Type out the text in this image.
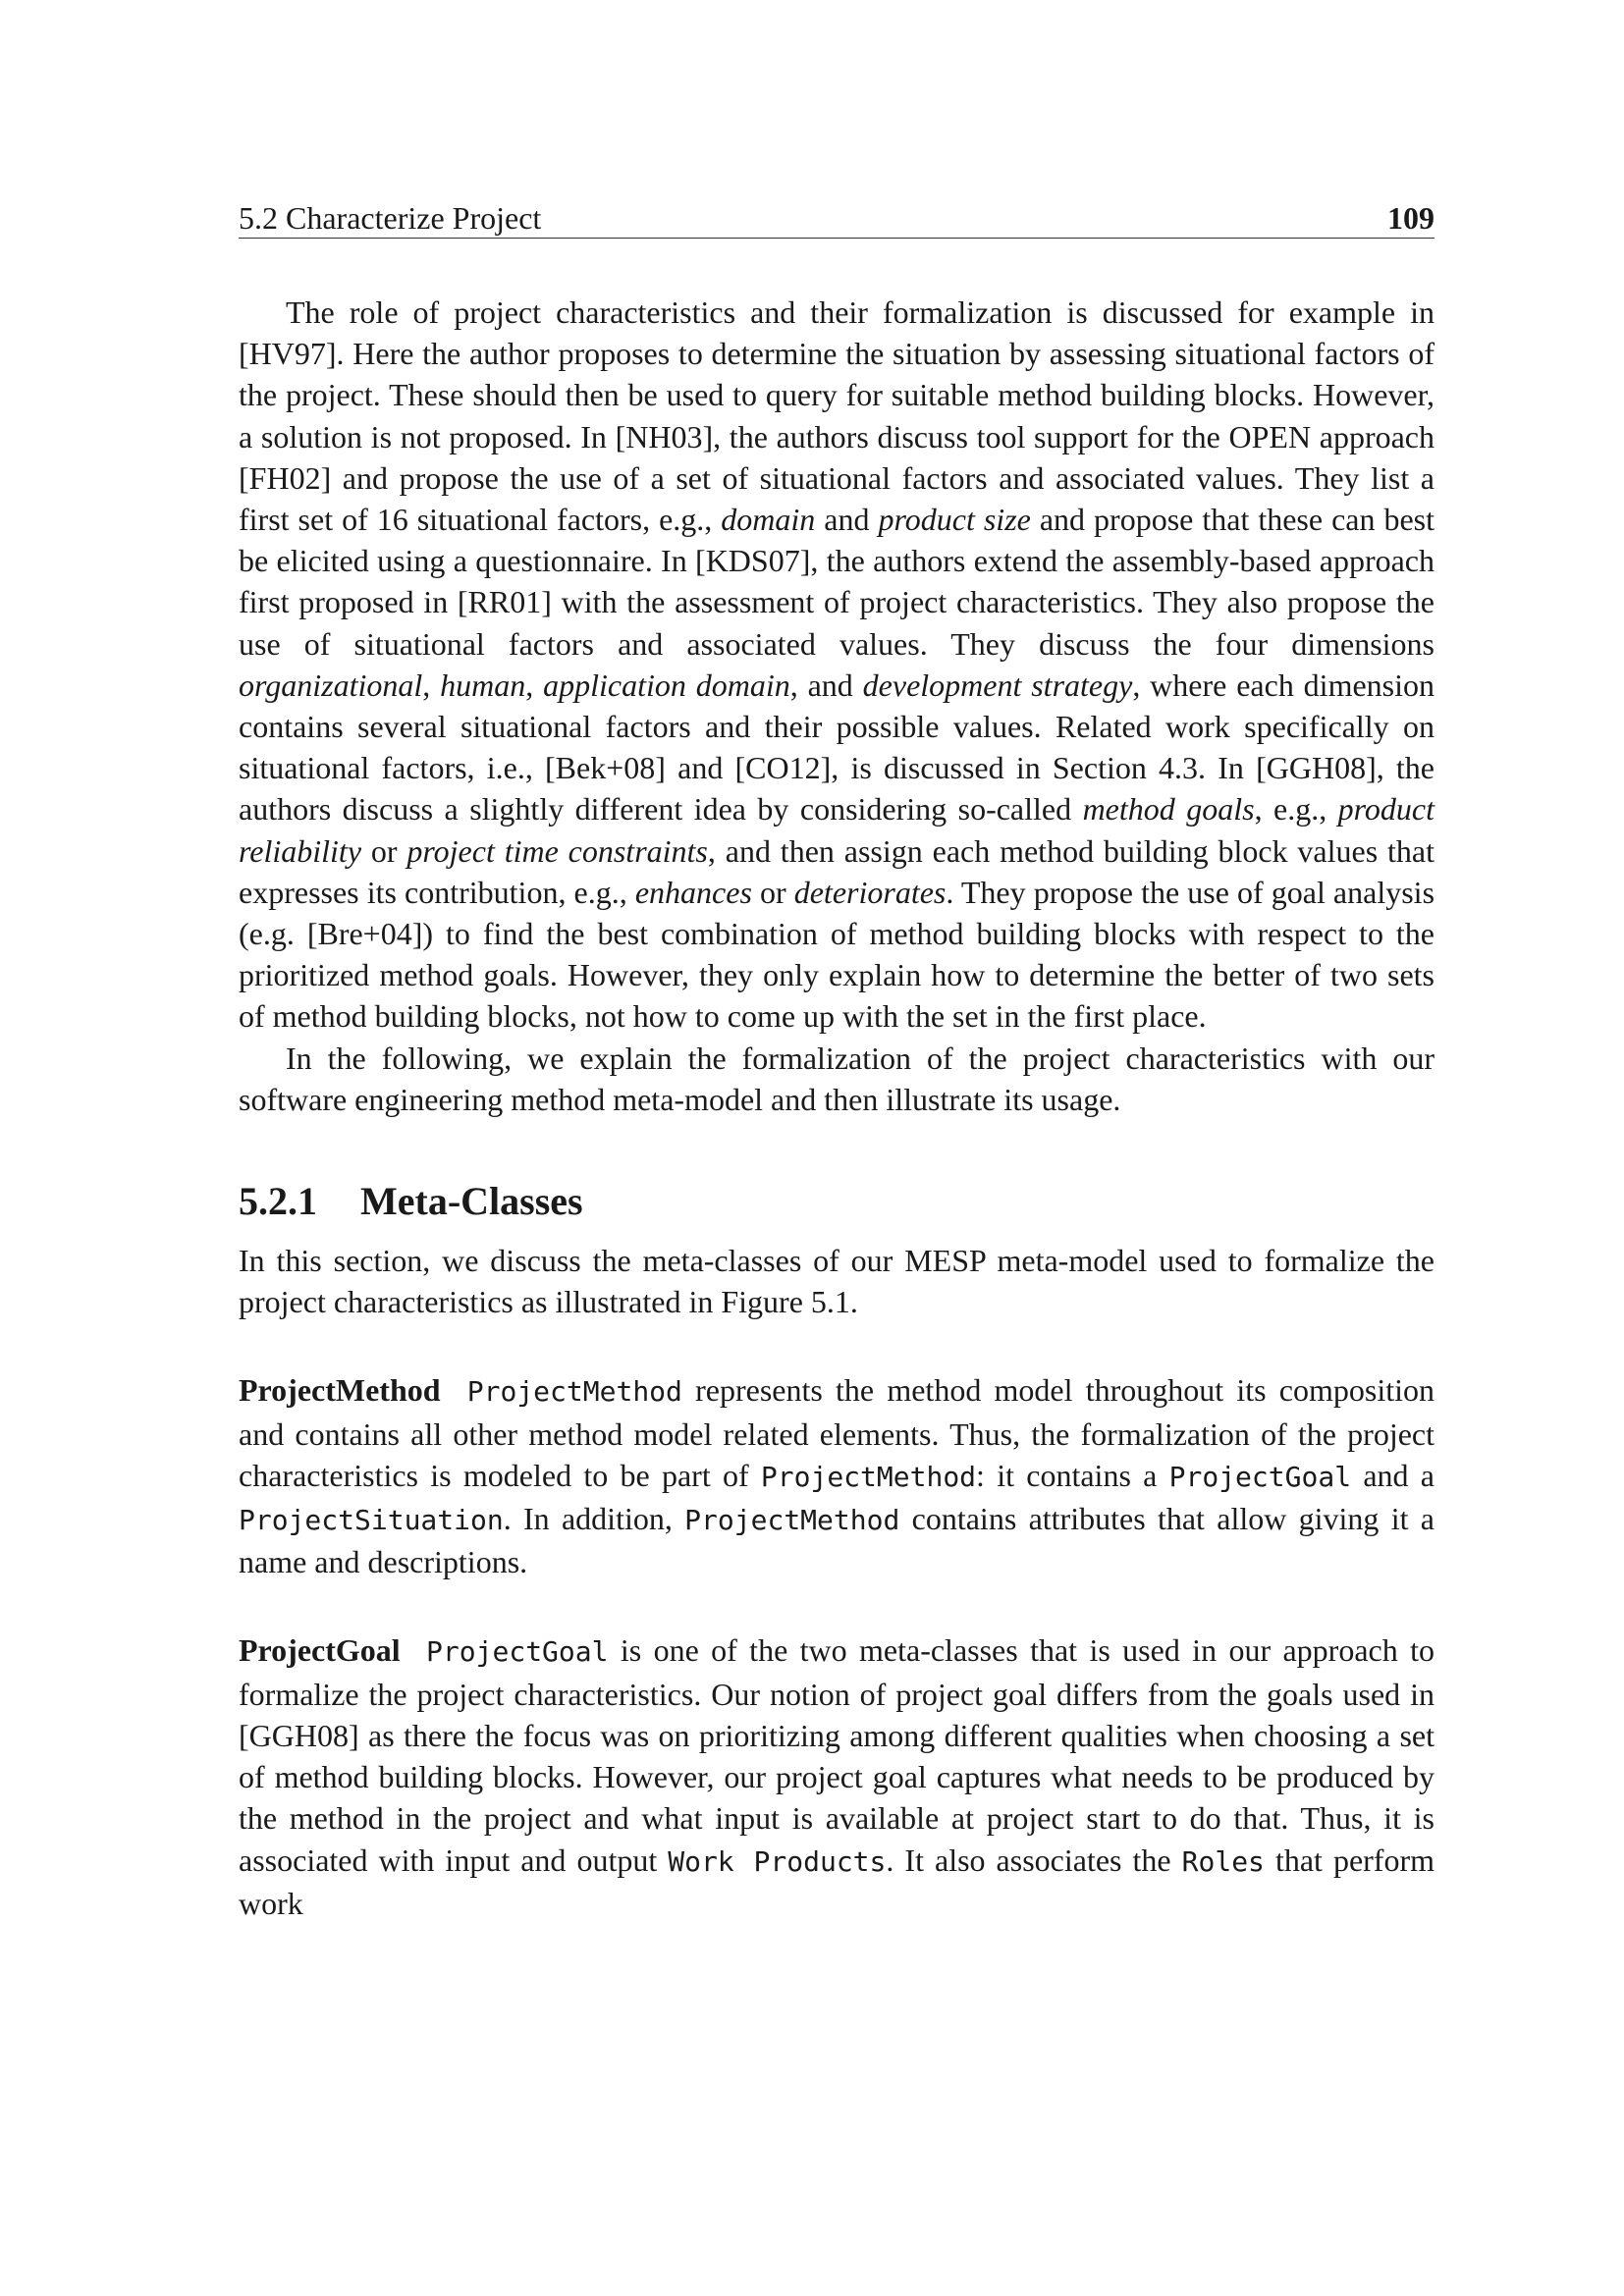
5.2 Characterize Project	109

The role of project characteristics and their formalization is discussed for example in [HV97]. Here the author proposes to determine the situation by assessing situational factors of the project. These should then be used to query for suitable method building blocks. However, a solution is not proposed. In [NH03], the authors discuss tool support for the OPEN approach [FH02] and propose the use of a set of situational factors and associated values. They list a first set of 16 situational factors, e.g., domain and product size and propose that these can best be elicited using a questionnaire. In [KDS07], the authors extend the assembly-based approach first proposed in [RR01] with the assessment of project characteristics. They also propose the use of situational factors and associated values. They discuss the four dimensions organizational, human, application domain, and development strategy, where each dimension contains several situational factors and their possible values. Related work specifically on situational factors, i.e., [Bek+08] and [CO12], is discussed in Section 4.3. In [GGH08], the authors discuss a slightly different idea by considering so-called method goals, e.g., product reliability or project time constraints, and then assign each method building block values that expresses its contribution, e.g., enhances or deteriorates. They propose the use of goal analysis (e.g. [Bre+04]) to find the best combination of method building blocks with respect to the prioritized method goals. However, they only explain how to determine the better of two sets of method building blocks, not how to come up with the set in the first place.

In the following, we explain the formalization of the project characteristics with our software engineering method meta-model and then illustrate its usage.

5.2.1 Meta-Classes

In this section, we discuss the meta-classes of our MESP meta-model used to formalize the project characteristics as illustrated in Figure 5.1.

ProjectMethod ProjectMethod represents the method model throughout its composition and contains all other method model related elements. Thus, the formalization of the project characteristics is modeled to be part of ProjectMethod: it contains a ProjectGoal and a ProjectSituation. In addition, ProjectMethod contains attributes that allow giving it a name and descriptions.

ProjectGoal ProjectGoal is one of the two meta-classes that is used in our approach to formalize the project characteristics. Our notion of project goal differs from the goals used in [GGH08] as there the focus was on prioritizing among different qualities when choosing a set of method building blocks. However, our project goal captures what needs to be produced by the method in the project and what input is available at project start to do that. Thus, it is associated with input and output Work Products. It also associates the Roles that perform work
